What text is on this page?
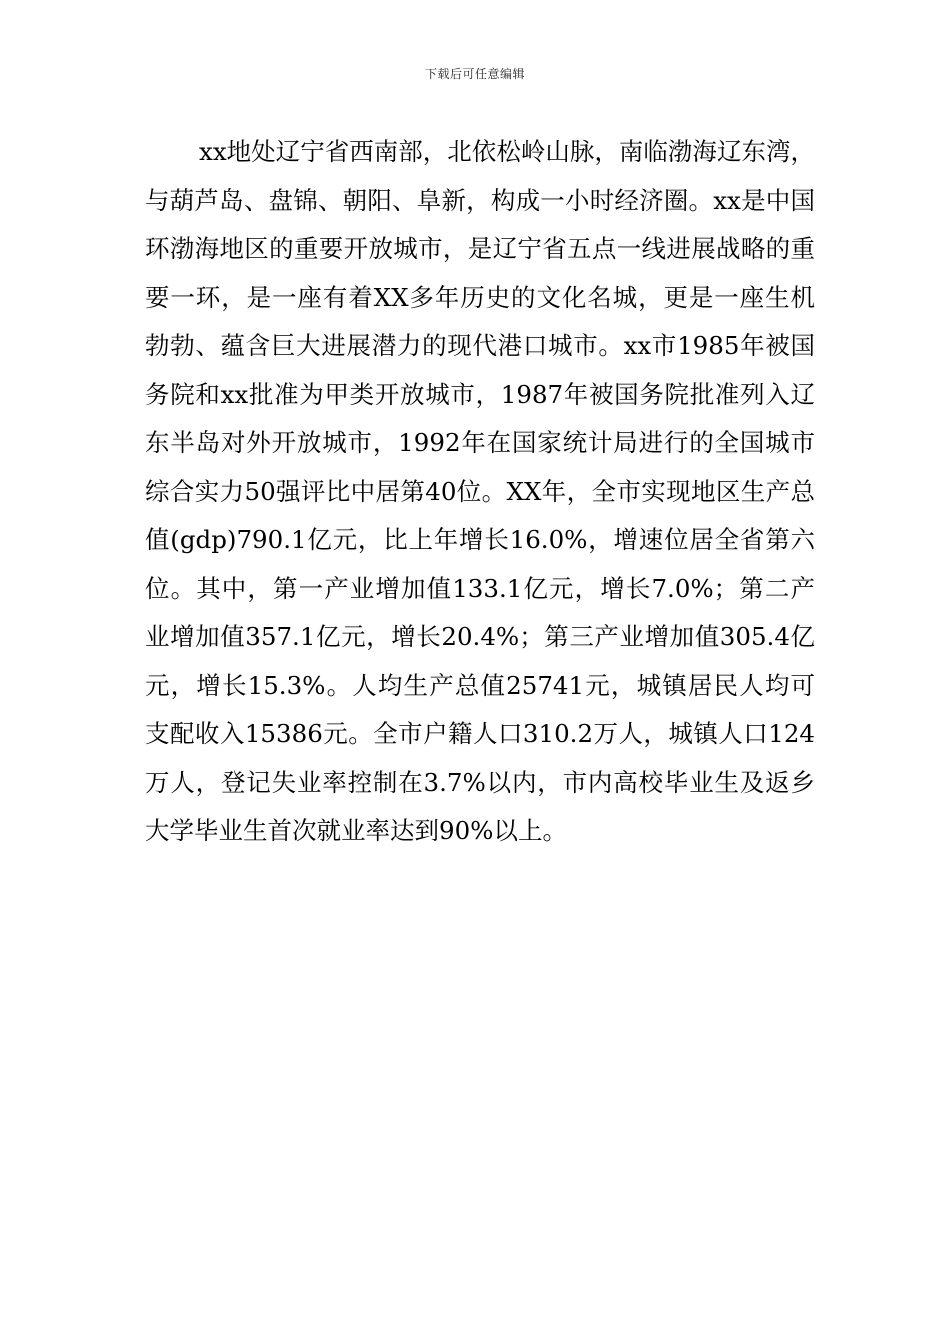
下载后可任意编辑

xx地处辽宁省西南部，北依松岭山脉，南临渤海辽东湾，与葫芦岛、盘锦、朝阳、阜新，构成一小时经济圈。xx是中国环渤海地区的重要开放城市，是辽宁省五点一线进展战略的重要一环，是一座有着XX多年历史的文化名城，更是一座生机勃勃、蕴含巨大进展潜力的现代港口城市。xx市1985年被国务院和xx批准为甲类开放城市，1987年被国务院批准列入辽东半岛对外开放城市，1992年在国家统计局进行的全国城市综合实力50强评比中居第40位。XX年，全市实现地区生产总值(gdp)790.1亿元，比上年增长16.0%，增速位居全省第六位。其中，第一产业增加值133.1亿元，增长7.0%；第二产业增加值357.1亿元，增长20.4%；第三产业增加值305.4亿元，增长15.3%。人均生产总值25741元，城镇居民人均可支配收入15386元。全市户籍人口310.2万人，城镇人口124万人，登记失业率控制在3.7%以内，市内高校毕业生及返乡大学毕业生首次就业率达到90%以上。
